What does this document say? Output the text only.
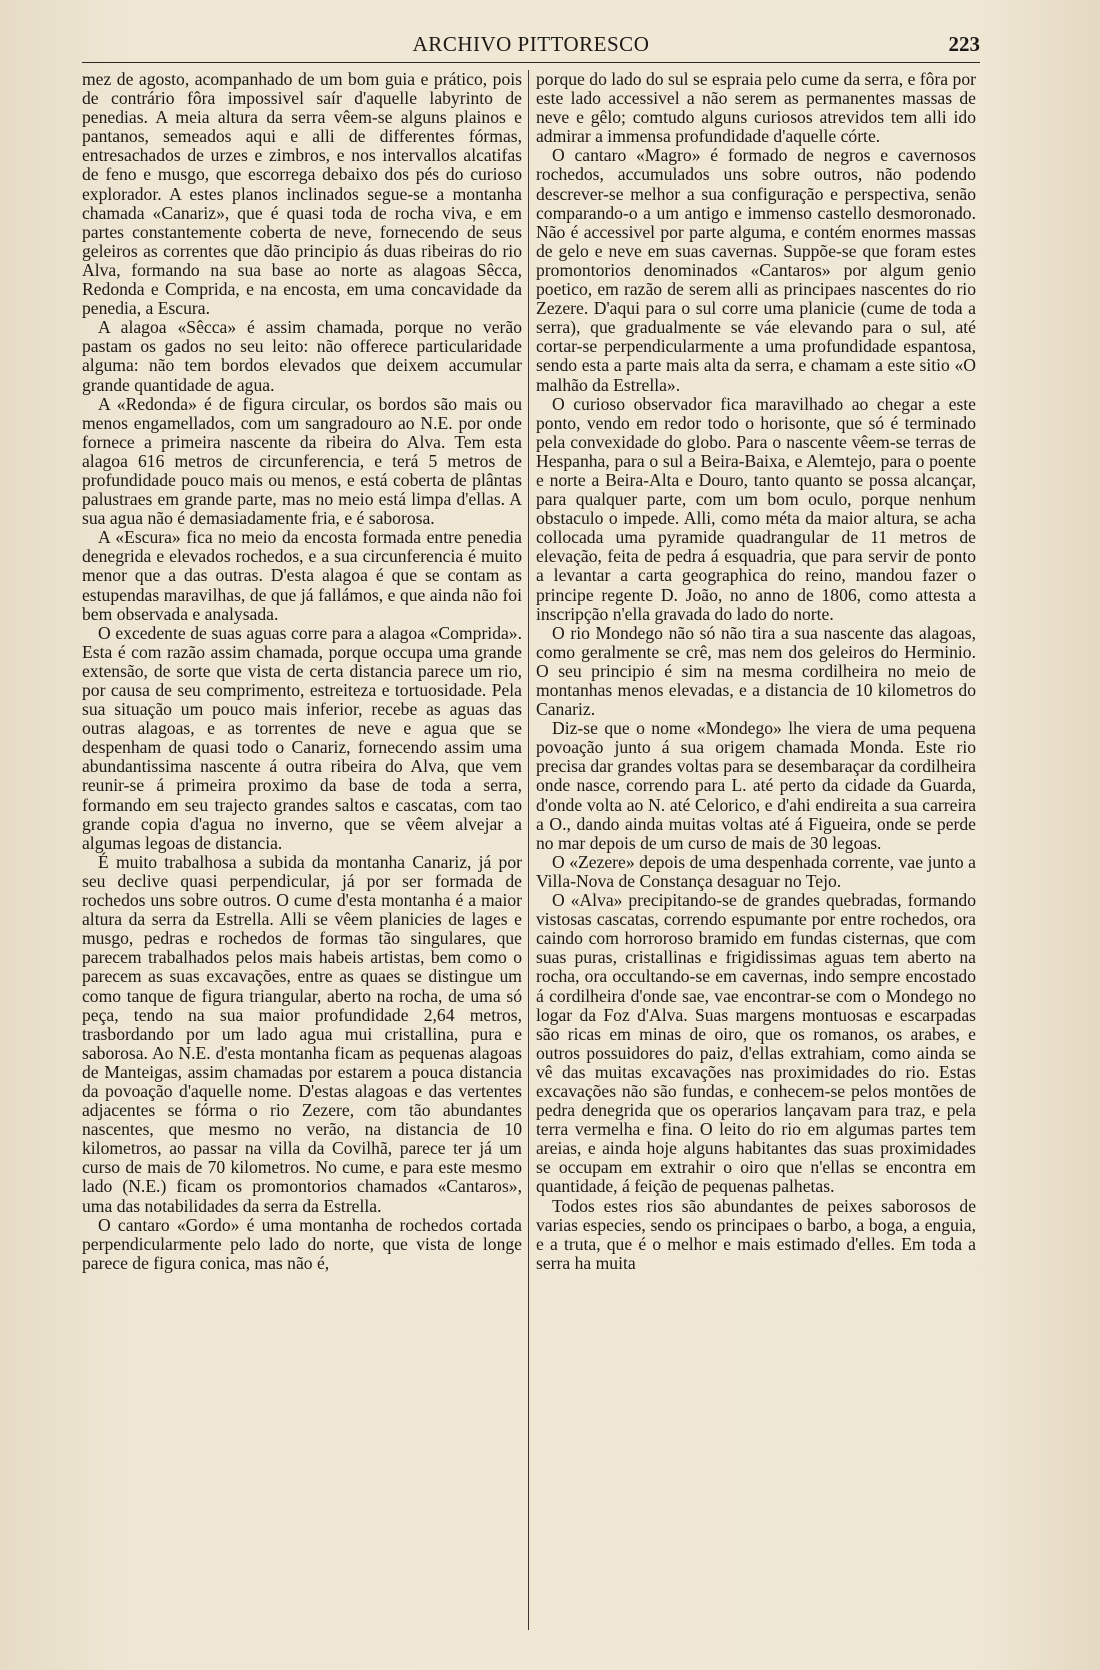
ARCHIVO PITTORESCO	223

mez de agosto, acompanhado de um bom guia e prático, pois de contrário fôra impossivel saír d'aquelle labyrinto de penedias. A meia altura da serra vêem-se alguns plainos e pantanos, semeados aqui e alli de differentes fórmas, entresachados de urzes e zimbros, e nos intervallos alcatifas de feno e musgo, que escorrega debaixo dos pés do curioso explorador. A estes planos inclinados segue-se a montanha chamada «Canariz», que é quasi toda de rocha viva, e em partes constantemente coberta de neve, fornecendo de seus geleiros as correntes que dão principio ás duas ribeiras do rio Alva, formando na sua base ao norte as alagoas Sêcca, Redonda e Comprida, e na encosta, em uma concavidade da penedia, a Escura.

A alagoa «Sêcca» é assim chamada, porque no verão pastam os gados no seu leito: não offerece particularidade alguma: não tem bordos elevados que deixem accumular grande quantidade de agua.

A «Redonda» é de figura circular, os bordos são mais ou menos engamellados, com um sangradouro ao N.E. por onde fornece a primeira nascente da ribeira do Alva. Tem esta alagoa 616 metros de circunferencia, e terá 5 metros de profundidade pouco mais ou menos, e está coberta de plântas palustraes em grande parte, mas no meio está limpa d'ellas. A sua agua não é demasiadamente fria, e é saborosa.

A «Escura» fica no meio da encosta formada entre penedia denegrida e elevados rochedos, e a sua circunferencia é muito menor que a das outras. D'esta alagoa é que se contam as estupendas maravilhas, de que já fallámos, e que ainda não foi bem observada e analysada.

O excedente de suas aguas corre para a alagoa «Comprida». Esta é com razão assim chamada, porque occupa uma grande extensão, de sorte que vista de certa distancia parece um rio, por causa de seu comprimento, estreiteza e tortuosidade. Pela sua situação um pouco mais inferior, recebe as aguas das outras alagoas, e as torrentes de neve e agua que se despenham de quasi todo o Canariz, fornecendo assim uma abundantissima nascente á outra ribeira do Alva, que vem reunir-se á primeira proximo da base de toda a serra, formando em seu trajecto grandes saltos e cascatas, com tao grande copia d'agua no inverno, que se vêem alvejar a algumas legoas de distancia.

É muito trabalhosa a subida da montanha Canariz, já por seu declive quasi perpendicular, já por ser formada de rochedos uns sobre outros. O cume d'esta montanha é a maior altura da serra da Estrella. Alli se vêem planicies de lages e musgo, pedras e rochedos de formas tão singulares, que parecem trabalhados pelos mais habeis artistas, bem como o parecem as suas excavações, entre as quaes se distingue um como tanque de figura triangular, aberto na rocha, de uma só peça, tendo na sua maior profundidade 2,64 metros, trasbordando por um lado agua mui cristallina, pura e saborosa. Ao N.E. d'esta montanha ficam as pequenas alagoas de Manteigas, assim chamadas por estarem a pouca distancia da povoação d'aquelle nome. D'estas alagoas e das vertentes adjacentes se fórma o rio Zezere, com tão abundantes nascentes, que mesmo no verão, na distancia de 10 kilometros, ao passar na villa da Covilhã, parece ter já um curso de mais de 70 kilometros. No cume, e para este mesmo lado (N.E.) ficam os promontorios chamados «Cantaros», uma das notabilidades da serra da Estrella.

O cantaro «Gordo» é uma montanha de rochedos cortada perpendicularmente pelo lado do norte, que vista de longe parece de figura conica, mas não é,

porque do lado do sul se espraia pelo cume da serra, e fôra por este lado accessivel a não serem as permanentes massas de neve e gêlo; comtudo alguns curiosos atrevidos tem alli ido admirar a immensa profundidade d'aquelle córte.

O cantaro «Magro» é formado de negros e cavernosos rochedos, accumulados uns sobre outros, não podendo descrever-se melhor a sua configuração e perspectiva, senão comparando-o a um antigo e immenso castello desmoronado. Não é accessivel por parte alguma, e contém enormes massas de gelo e neve em suas cavernas. Suppõe-se que foram estes promontorios denominados «Cantaros» por algum genio poetico, em razão de serem alli as principaes nascentes do rio Zezere. D'aqui para o sul corre uma planicie (cume de toda a serra), que gradualmente se váe elevando para o sul, até cortar-se perpendicularmente a uma profundidade espantosa, sendo esta a parte mais alta da serra, e chamam a este sitio «O malhão da Estrella».

O curioso observador fica maravilhado ao chegar a este ponto, vendo em redor todo o horisonte, que só é terminado pela convexidade do globo. Para o nascente vêem-se terras de Hespanha, para o sul a Beira-Baixa, e Alemtejo, para o poente e norte a Beira-Alta e Douro, tanto quanto se possa alcançar, para qualquer parte, com um bom oculo, porque nenhum obstaculo o impede. Alli, como méta da maior altura, se acha collocada uma pyramide quadrangular de 11 metros de elevação, feita de pedra á esquadria, que para servir de ponto a levantar a carta geographica do reino, mandou fazer o principe regente D. João, no anno de 1806, como attesta a inscripção n'ella gravada do lado do norte.

O rio Mondego não só não tira a sua nascente das alagoas, como geralmente se crê, mas nem dos geleiros do Herminio. O seu principio é sim na mesma cordilheira no meio de montanhas menos elevadas, e a distancia de 10 kilometros do Canariz.

Diz-se que o nome «Mondego» lhe viera de uma pequena povoação junto á sua origem chamada Monda. Este rio precisa dar grandes voltas para se desembaraçar da cordilheira onde nasce, correndo para L. até perto da cidade da Guarda, d'onde volta ao N. até Celorico, e d'ahi endireita a sua carreira a O., dando ainda muitas voltas até á Figueira, onde se perde no mar depois de um curso de mais de 30 legoas.

O «Zezere» depois de uma despenhada corrente, vae junto a Villa-Nova de Constança desaguar no Tejo.

O «Alva» precipitando-se de grandes quebradas, formando vistosas cascatas, correndo espumante por entre rochedos, ora caindo com horroroso bramido em fundas cisternas, que com suas puras, cristallinas e frigidissimas aguas tem aberto na rocha, ora occultando-se em cavernas, indo sempre encostado á cordilheira d'onde sae, vae encontrar-se com o Mondego no logar da Foz d'Alva. Suas margens montuosas e escarpadas são ricas em minas de oiro, que os romanos, os arabes, e outros possuidores do paiz, d'ellas extrahiam, como ainda se vê das muitas excavações nas proximidades do rio. Estas excavações não são fundas, e conhecem-se pelos montões de pedra denegrida que os operarios lançavam para traz, e pela terra vermelha e fina. O leito do rio em algumas partes tem areias, e ainda hoje alguns habitantes das suas proximidades se occupam em extrahir o oiro que n'ellas se encontra em quantidade, á feição de pequenas palhetas.

Todos estes rios são abundantes de peixes saborosos de varias especies, sendo os principaes o barbo, a boga, a enguia, e a truta, que é o melhor e mais estimado d'elles. Em toda a serra ha muita
